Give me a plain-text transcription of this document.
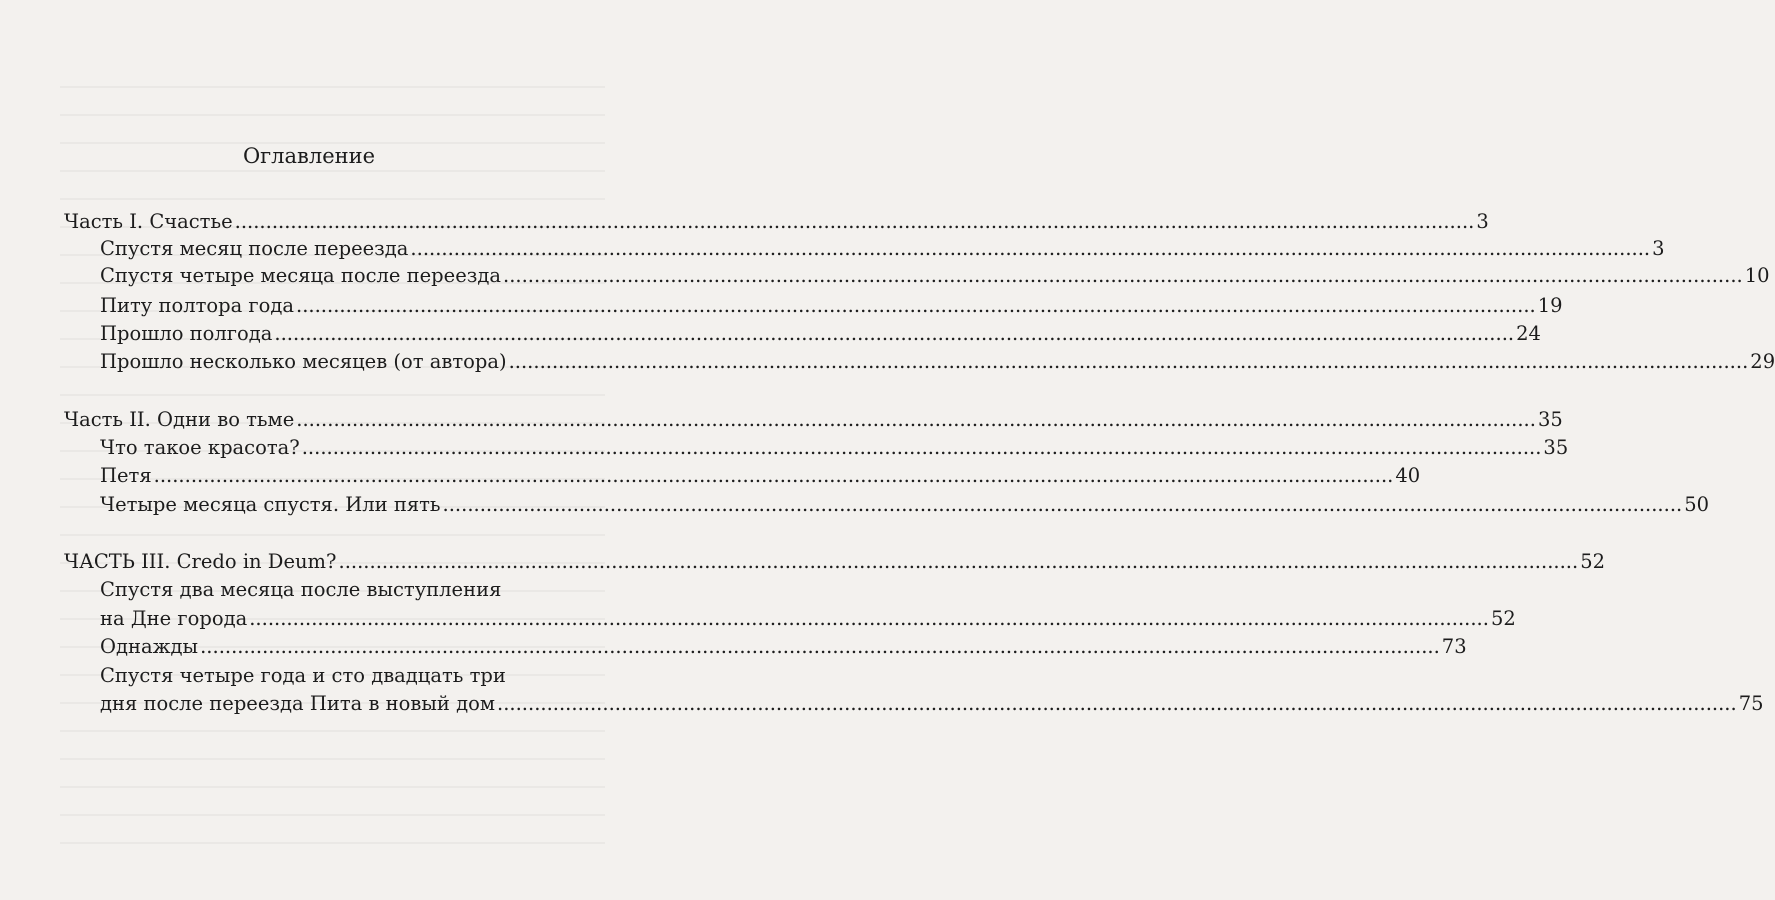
Оглавление
Часть I. Счастье ........................................................................................................................................................................................................ 3
Спустя месяц после переезда ........................................................................................................................................................................................................ 3
Спустя четыре месяца после переезда ........................................................................................................................................................................................................ 10
Питу полтора года ........................................................................................................................................................................................................ 19
Прошло полгода ........................................................................................................................................................................................................ 24
Прошло несколько месяцев (от автора) ........................................................................................................................................................................................................ 29
Часть II. Одни во тьме ........................................................................................................................................................................................................ 35
Что такое красота? ........................................................................................................................................................................................................ 35
Петя ........................................................................................................................................................................................................ 40
Четыре месяца спустя. Или пять ........................................................................................................................................................................................................ 50
ЧАСТЬ III. Credo in Deum? ........................................................................................................................................................................................................ 52
Спустя два месяца после выступления
на Дне города ........................................................................................................................................................................................................ 52
Однажды ........................................................................................................................................................................................................ 73
Спустя четыре года и сто двадцать три
дня после переезда Пита в новый дом ........................................................................................................................................................................................................ 75
